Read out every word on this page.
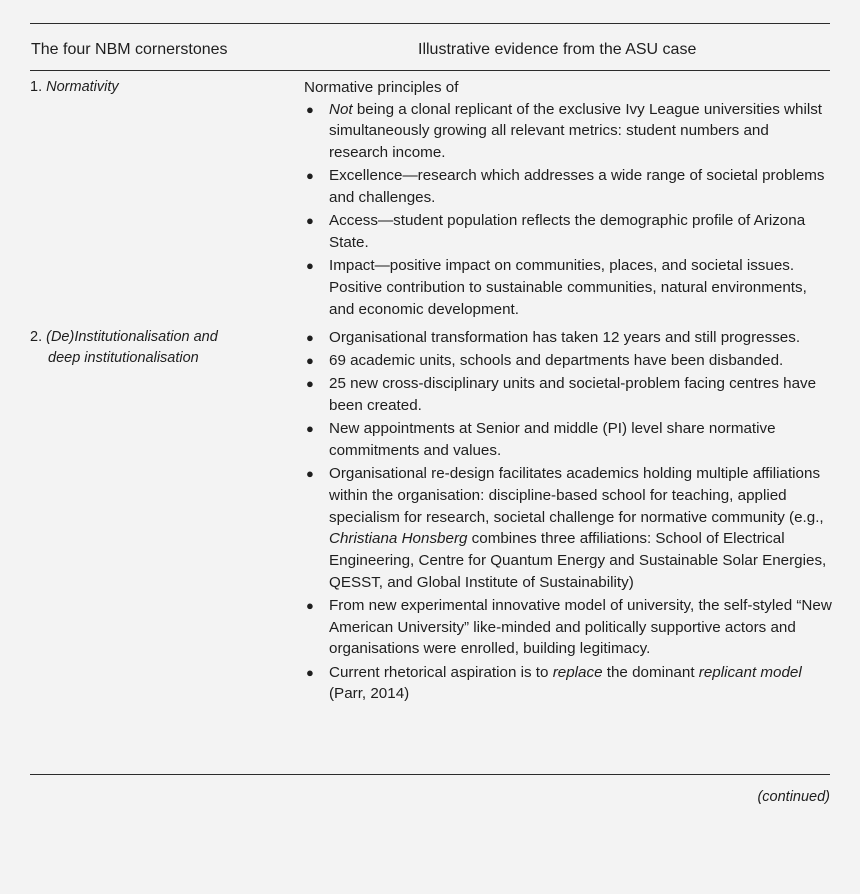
The four NBM cornerstones	Illustrative evidence from the ASU case
1. Normativity	Normative principles of

● Not being a clonal replicant of the exclusive Ivy League universities whilst simultaneously growing all relevant metrics: student numbers and research income.
● Excellence—research which addresses a wide range of societal problems and challenges.
● Access—student population reflects the demographic profile of Arizona State.
● Impact—positive impact on communities, places, and societal issues. Positive contribution to sustainable communities, natural environments, and economic development.
2. (De)Institutionalisation and
deep institutionalisation
● Organisational transformation has taken 12 years and still progresses.
● 69 academic units, schools and departments have been disbanded.
● 25 new cross-disciplinary units and societal-problem facing centres have been created.
● New appointments at Senior and middle (PI) level share normative commitments and values.
● Organisational re-design facilitates academics holding multiple affiliations within the organisation: discipline-based school for teaching, applied specialism for research, societal challenge for normative community (e.g., Christiana Honsberg combines three affiliations: School of Electrical Engineering, Centre for Quantum Energy and Sustainable Solar Energies, QESST, and Global Institute of Sustainability)
● From new experimental innovative model of university, the self-styled “New American University” like-minded and politically supportive actors and organisations were enrolled, building legitimacy.
● Current rhetorical aspiration is to replace the dominant replicant model (Parr, 2014)
(continued)
